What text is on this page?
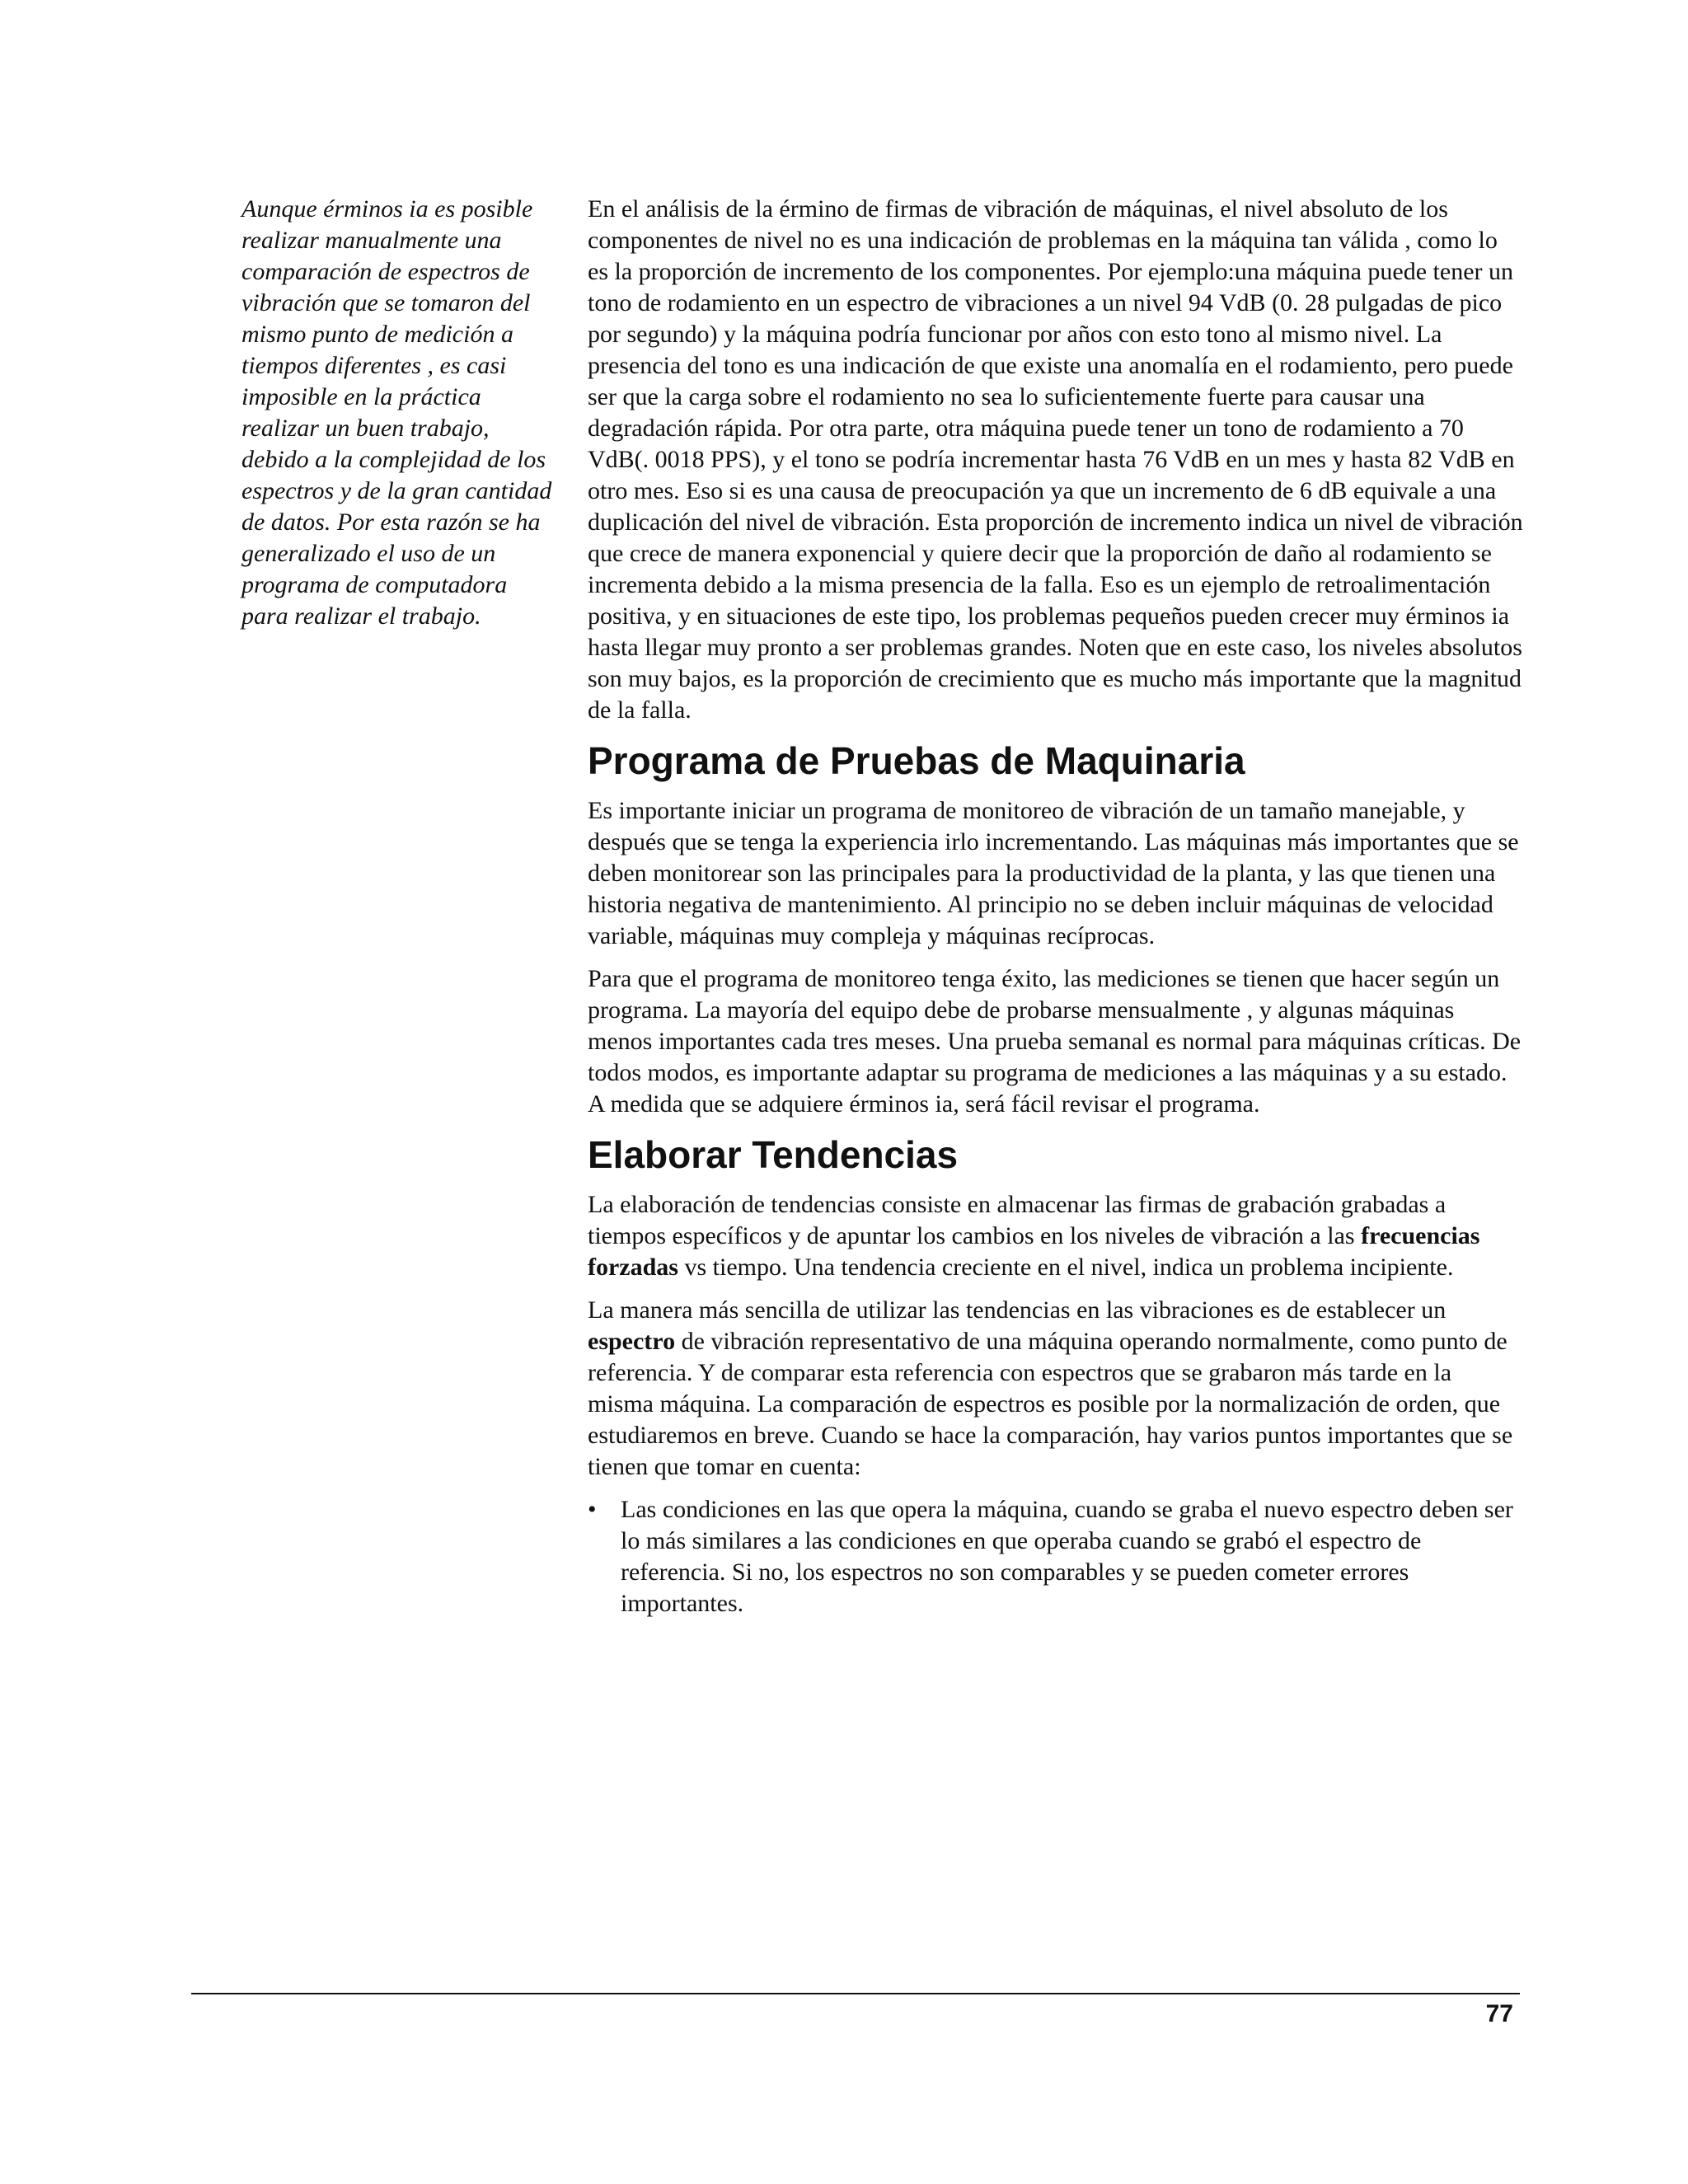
Aunque érminos ia es posible realizar manualmente una comparación de espectros de vibración que se tomaron del mismo punto de medición a tiempos diferentes , es casi imposible en la práctica realizar un buen trabajo, debido a la complejidad de los espectros y de la gran cantidad de datos. Por esta razón se ha generalizado el uso de un programa de computadora para realizar el trabajo.

En el análisis de la érmino de firmas de vibración de máquinas, el nivel absoluto de los componentes de nivel no es una indicación de problemas en la máquina tan válida , como lo es la proporción de incremento de los componentes. Por ejemplo:una máquina puede tener un tono de rodamiento en un espectro de vibraciones a un nivel 94 VdB (0. 28 pulgadas de pico por segundo) y la máquina podría funcionar por años con esto tono al mismo nivel. La presencia del tono es una indicación de que existe una anomalía en el rodamiento, pero puede ser que la carga sobre el rodamiento no sea lo suficientemente fuerte para causar una degradación rápida. Por otra parte, otra máquina puede tener un tono de rodamiento a 70 VdB(. 0018 PPS), y el tono se podría incrementar hasta 76 VdB en un mes y hasta 82 VdB en otro mes. Eso si es una causa de preocupación ya que un incremento de 6 dB equivale a una duplicación del nivel de vibración. Esta proporción de incremento indica un nivel de vibración que crece de manera exponencial y quiere decir que la proporción de daño al rodamiento se incrementa debido a la misma presencia de la falla. Eso es un ejemplo de retroalimentación positiva, y en situaciones de este tipo, los problemas pequeños pueden crecer muy érminos ia hasta llegar muy pronto a ser problemas grandes. Noten que en este caso, los niveles absolutos son muy bajos, es la proporción de crecimiento que es mucho más importante que la magnitud de la falla.

Programa de Pruebas de Maquinaria

Es importante iniciar un programa de monitoreo de vibración de un tamaño manejable, y después que se tenga la experiencia irlo incrementando. Las máquinas más importantes que se deben monitorear son las principales para la productividad de la planta, y las que tienen una historia negativa de mantenimiento. Al principio no se deben incluir máquinas de velocidad variable, máquinas muy compleja y máquinas recíprocas.

Para que el programa de monitoreo tenga éxito, las mediciones se tienen que hacer según un programa. La mayoría del equipo debe de probarse mensualmente , y algunas máquinas menos importantes cada tres meses. Una prueba semanal es normal para máquinas críticas. De todos modos, es importante adaptar su programa de mediciones a las máquinas y a su estado. A medida que se adquiere érminos ia, será fácil revisar el programa.

Elaborar Tendencias

La elaboración de tendencias consiste en almacenar las firmas de grabación grabadas a tiempos específicos y de apuntar los cambios en los niveles de vibración a las frecuencias forzadas vs tiempo. Una tendencia creciente en el nivel, indica un problema incipiente.

La manera más sencilla de utilizar las tendencias en las vibraciones es de establecer un espectro de vibración representativo de una máquina operando normalmente, como punto de referencia. Y de comparar esta referencia con espectros que se grabaron más tarde en la misma máquina. La comparación de espectros es posible por la normalización de orden, que estudiaremos en breve. Cuando se hace la comparación, hay varios puntos importantes que se tienen que tomar en cuenta:

• Las condiciones en las que opera la máquina, cuando se graba el nuevo espectro deben ser lo más similares a las condiciones en que operaba cuando se grabó el espectro de referencia. Si no, los espectros no son comparables y se pueden cometer errores importantes.
77
